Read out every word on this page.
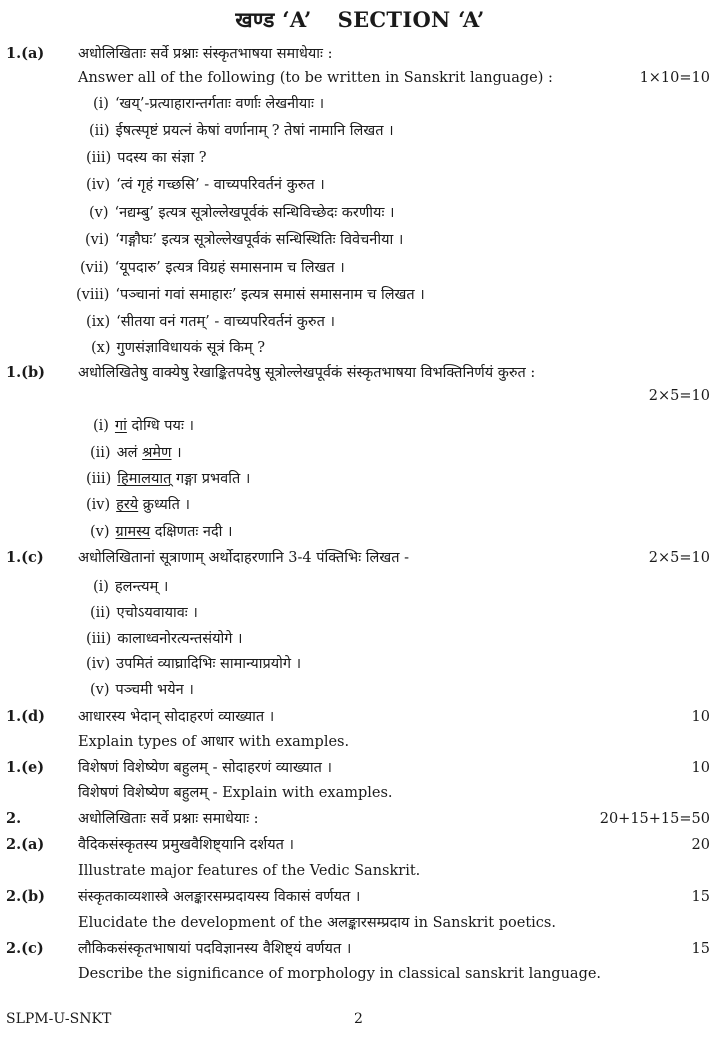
खण्ड ‘A’ SECTION ‘A’
1.(a) अधोलिखिताः सर्वे प्रश्नाः संस्कृतभाषया समाधेयाः :
Answer all of the following (to be written in Sanskrit language) :	1×10=10
(i) ‘खय्’-प्रत्याहारान्तर्गताः वर्णाः लेखनीयाः ।
(ii) ईषत्स्पृष्टं प्रयत्नं केषां वर्णानाम् ? तेषां नामानि लिखत ।
(iii) पदस्य का संज्ञा ?
(iv) ‘त्वं गृहं गच्छसि’ - वाच्यपरिवर्तनं कुरुत ।
(v) ‘नद्यम्बु’ इत्यत्र सूत्रोल्लेखपूर्वकं सन्धिविच्छेदः करणीयः ।
(vi) ‘गङ्गौघः’ इत्यत्र सूत्रोल्लेखपूर्वकं सन्धिस्थितिः विवेचनीया ।
(vii) ‘यूपदारु’ इत्यत्र विग्रहं समासनाम च लिखत ।
(viii) ‘पञ्चानां गवां समाहारः’ इत्यत्र समासं समासनाम च लिखत ।
(ix) ‘सीतया वनं गतम्’ - वाच्यपरिवर्तनं कुरुत ।
(x) गुणसंज्ञाविधायकं सूत्रं किम् ?
1.(b) अधोलिखितेषु वाक्येषु रेखाङ्कितपदेषु सूत्रोल्लेखपूर्वकं संस्कृतभाषया विभक्तिनिर्णयं कुरुत :
2×5=10
(i) गां दोग्धि पयः ।
(ii) अलं श्रमेण ।
(iii) हिमालयात् गङ्गा प्रभवति ।
(iv) हरये क्रुध्यति ।
(v) ग्रामस्य दक्षिणतः नदी ।
1.(c) अधोलिखितानां सूत्राणाम् अर्थोदाहरणानि 3-4 पंक्तिभिः लिखत -	2×5=10
(i) हलन्त्यम् ।
(ii) एचोऽयवायावः ।
(iii) कालाध्वनोरत्यन्तसंयोगे ।
(iv) उपमितं व्याघ्रादिभिः सामान्याप्रयोगे ।
(v) पञ्चमी भयेन ।
1.(d) आधारस्य भेदान् सोदाहरणं व्याख्यात ।	10
Explain types of आधार with examples.
1.(e) विशेषणं विशेष्येण बहुलम् - सोदाहरणं व्याख्यात ।	10
विशेषणं विशेष्येण बहुलम् - Explain with examples.
2.	अधोलिखिताः सर्वे प्रश्नाः समाधेयाः :	20+15+15=50
2.(a) वैदिकसंस्कृतस्य प्रमुखवैशिष्ट्यानि दर्शयत ।	20
Illustrate major features of the Vedic Sanskrit.
2.(b) संस्कृतकाव्यशास्त्रे अलङ्कारसम्प्रदायस्य विकासं वर्णयत ।	15
Elucidate the development of the अलङ्कारसम्प्रदाय in Sanskrit poetics.
2.(c) लौकिकसंस्कृतभाषायां पदविज्ञानस्य वैशिष्ट्यं वर्णयत ।	15
Describe the significance of morphology in classical sanskrit language.
SLPM-U-SNKT	2
